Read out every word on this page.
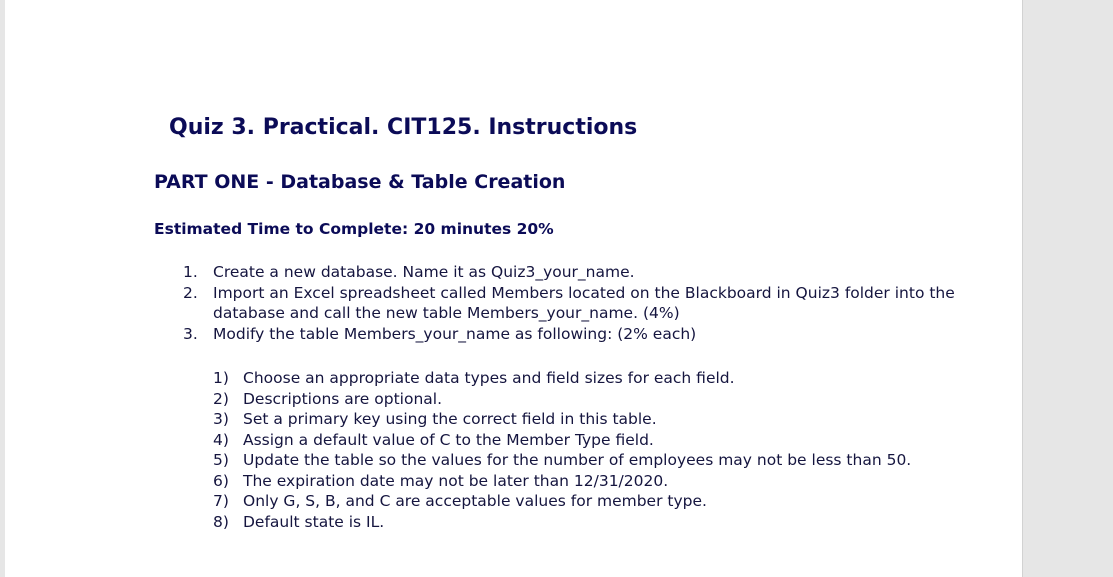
Quiz 3. Practical. CIT125. Instructions
PART ONE - Database & Table Creation

Estimated Time to Complete: 20 minutes 20%

1. Create a new database. Name it as Quiz3_your_name.
2. Import an Excel spreadsheet called Members located on the Blackboard in Quiz3 folder into the database and call the new table Members_your_name. (4%)
3. Modify the table Members_your_name as following: (2% each)
1) Choose an appropriate data types and field sizes for each field.
2) Descriptions are optional.
3) Set a primary key using the correct field in this table.
4) Assign a default value of C to the Member Type field.
5) Update the table so the values for the number of employees may not be less than 50.
6) The expiration date may not be later than 12/31/2020.
7) Only G, S, B, and C are acceptable values for member type.
8) Default state is IL.
